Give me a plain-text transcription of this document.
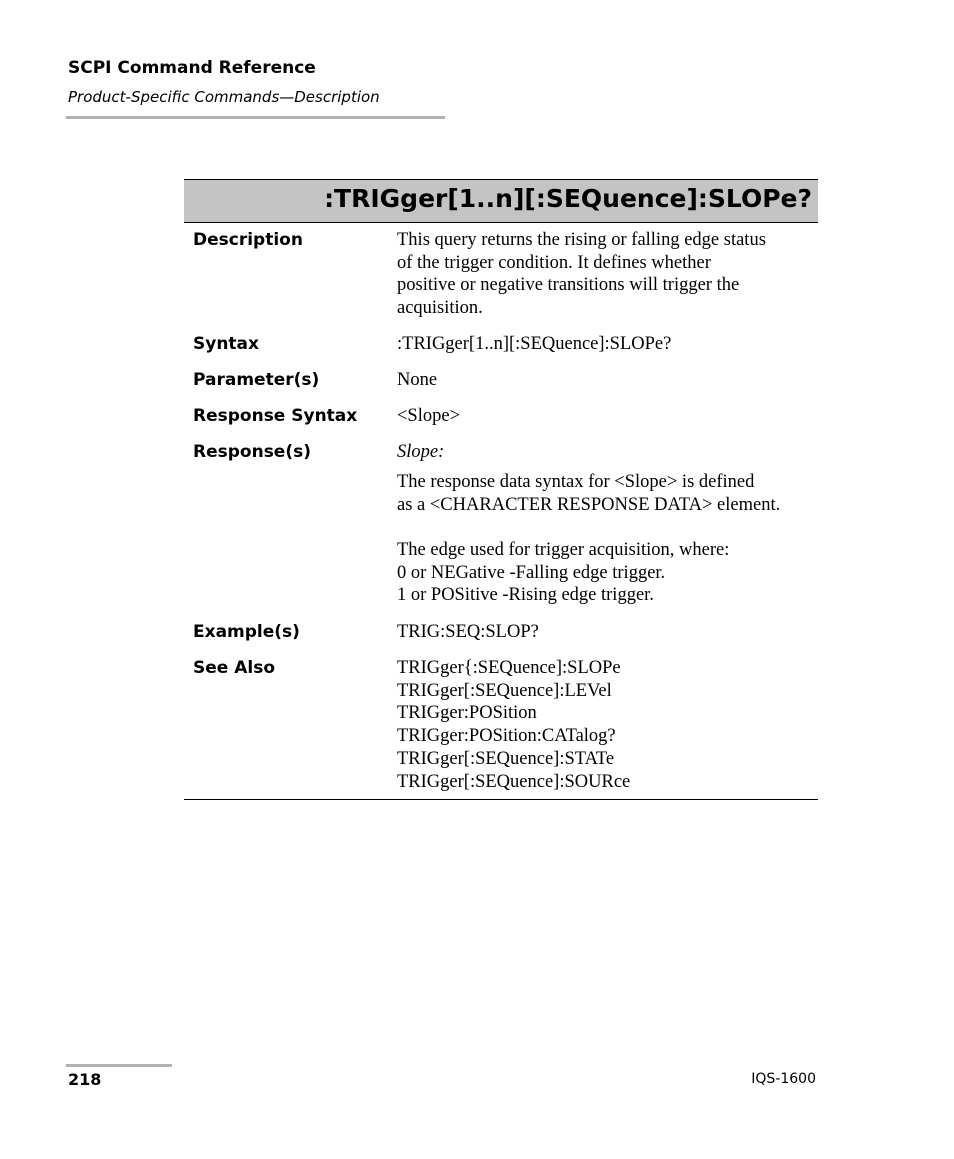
SCPI Command Reference
Product-Specific Commands—Description
:TRIGger[1..n][:SEQuence]:SLOPe?
Description	This query returns the rising or falling edge status
of the trigger condition. It defines whether
positive or negative transitions will trigger the
acquisition.
Syntax	:TRIGger[1..n][:SEQuence]:SLOPe?
Parameter(s)	None
Response Syntax <Slope>
Response(s)	Slope:
The response data syntax for <Slope> is defined
as a <CHARACTER RESPONSE DATA> element.
The edge used for trigger acquisition, where:
0 or NEGative -Falling edge trigger.
1 or POSitive -Rising edge trigger.
Example(s)	TRIG:SEQ:SLOP?
See Also	TRIGger{:SEQuence]:SLOPe
TRIGger[:SEQuence]:LEVel
TRIGger:POSition
TRIGger:POSition:CATalog?
TRIGger[:SEQuence]:STATe
TRIGger[:SEQuence]:SOURce
218	IQS-1600
